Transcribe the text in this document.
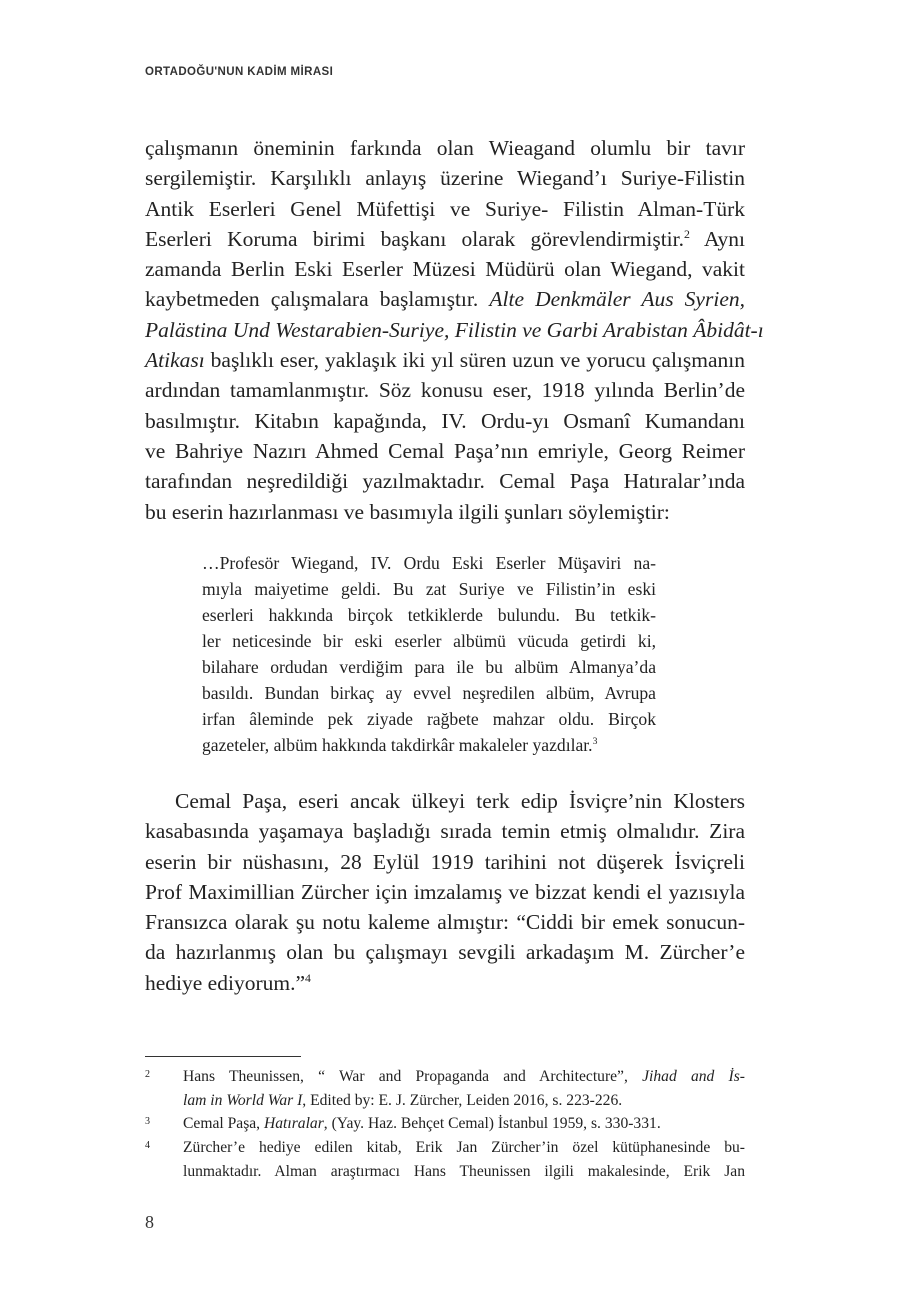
ORTADOĞU'NUN KADİM MİRASI
çalışmanın öneminin farkında olan Wieagand olumlu bir tavır
sergilemiştir. Karşılıklı anlayış üzerine Wiegand’ı Suriye-Filistin
Antik Eserleri Genel Müfettişi ve Suriye- Filistin Alman-Türk
Eserleri Koruma birimi başkanı olarak görevlendirmiştir.$^2$ Aynı
zamanda Berlin Eski Eserler Müzesi Müdürü olan Wiegand, vakit
kaybetmeden çalışmalara başlamıştır. Alte Denkmäler Aus Syrien,
Palästina Und Westarabien-Suriye, Filistin ve Garbi Arabistan Âbidât-ı
Atikası başlıklı eser, yaklaşık iki yıl süren uzun ve yorucu çalışmanın
ardından tamamlanmıştır. Söz konusu eser, 1918 yılında Berlin’de
basılmıştır. Kitabın kapağında, IV. Ordu-yı Osmanî Kumandanı
ve Bahriye Nazırı Ahmed Cemal Paşa’nın emriyle, Georg Reimer
tarafından neşredildiği yazılmaktadır. Cemal Paşa Hatıralar’ında
bu eserin hazırlanması ve basımıyla ilgili şunları söylemiştir:
…Profesör Wiegand, IV. Ordu Eski Eserler Müşaviri na-
mıyla maiyetime geldi. Bu zat Suriye ve Filistin’in eski
eserleri hakkında birçok tetkiklerde bulundu. Bu tetkik-
ler neticesinde bir eski eserler albümü vücuda getirdi ki,
bilahare ordudan verdiğim para ile bu albüm Almanya’da
basıldı. Bundan birkaç ay evvel neşredilen albüm, Avrupa
irfan âleminde pek ziyade rağbete mahzar oldu. Birçok
gazeteler, albüm hakkında takdirkâr makaleler yazdılar.$^3$
Cemal Paşa, eseri ancak ülkeyi terk edip İsviçre’nin Klosters
kasabasında yaşamaya başladığı sırada temin etmiş olmalıdır. Zira
eserin bir nüshasını, 28 Eylül 1919 tarihini not düşerek İsviçreli
Prof Maximillian Zürcher için imzalamış ve bizzat kendi el yazısıyla
Fransızca olarak şu notu kaleme almıştır: “Ciddi bir emek sonucun-
da hazırlanmış olan bu çalışmayı sevgili arkadaşım M. Zürcher’e
hediye ediyorum.”$^4$
2	Hans Theunissen, “ War and Propaganda and Architecture”, Jihad and İs-
lam in World War I, Edited by: E. J. Zürcher, Leiden 2016, s. 223-226.
3	Cemal Paşa, Hatıralar, (Yay. Haz. Behçet Cemal) İstanbul 1959, s. 330-331.
4	Zürcher’e hediye edilen kitab, Erik Jan Zürcher’in özel kütüphanesinde bu-
lunmaktadır. Alman araştırmacı Hans Theunissen ilgili makalesinde, Erik Jan
8
